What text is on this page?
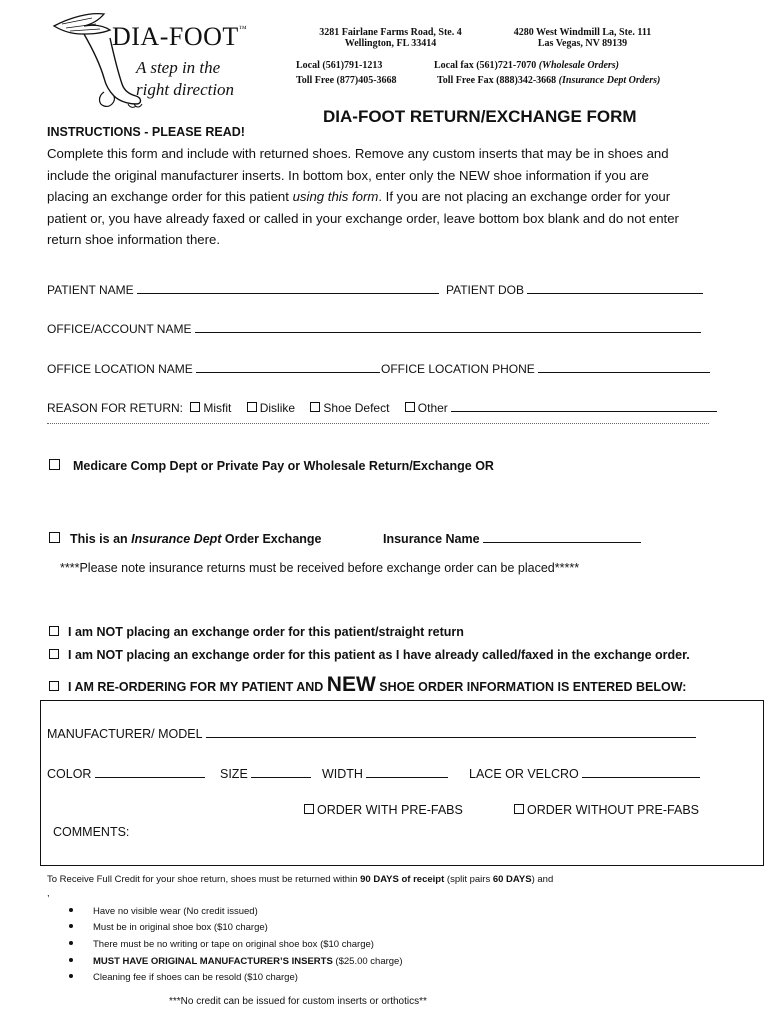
DIA-FOOT™
A step in the
right direction
3281 Fairlane Farms Road, Ste. 4
Wellington, FL 33414
4280 West Windmill La, Ste. 111
Las Vegas, NV 89139
Local (561)791-1213	Local fax (561)721-7070 (Wholesale Orders)
Toll Free (877)405-3668	Toll Free Fax (888)342-3668 (Insurance Dept Orders)
DIA-FOOT RETURN/EXCHANGE FORM
INSTRUCTIONS - PLEASE READ!
Complete this form and include with returned shoes. Remove any custom inserts that may be in shoes and
include the original manufacturer inserts. In bottom box, enter only the NEW shoe information if you are
placing an exchange order for this patient using this form. If you are not placing an exchange order for your
patient or, you have already faxed or called in your exchange order, leave bottom box blank and do not enter
return shoe information there.
PATIENT NAME	PATIENT DOB
OFFICE/ACCOUNT NAME
OFFICE LOCATION NAME	OFFICE LOCATION PHONE
REASON FOR RETURN: Misfit Dislike Shoe Defect Other
Medicare Comp Dept or Private Pay or Wholesale Return/Exchange OR
This is an Insurance Dept Order Exchange	Insurance Name
****Please note insurance returns must be received before exchange order can be placed*****
I am NOT placing an exchange order for this patient/straight return
I am NOT placing an exchange order for this patient as I have already called/faxed in the exchange order.
I AM RE-ORDERING FOR MY PATIENT AND NEW SHOE ORDER INFORMATION IS ENTERED BELOW:
MANUFACTURER/ MODEL
COLOR	SIZE	WIDTH	LACE OR VELCRO
ORDER WITH PRE-FABS	ORDER WITHOUT PRE-FABS
COMMENTS:
To Receive Full Credit for your shoe return, shoes must be returned within 90 DAYS of receipt (split pairs 60 DAYS) and
,
Have no visible wear (No credit issued)
Must be in original shoe box ($10 charge)
There must be no writing or tape on original shoe box ($10 charge)
MUST HAVE ORIGINAL MANUFACTURER’S INSERTS ($25.00 charge)
Cleaning fee if shoes can be resold ($10 charge)
***No credit can be issued for custom inserts or orthotics**
